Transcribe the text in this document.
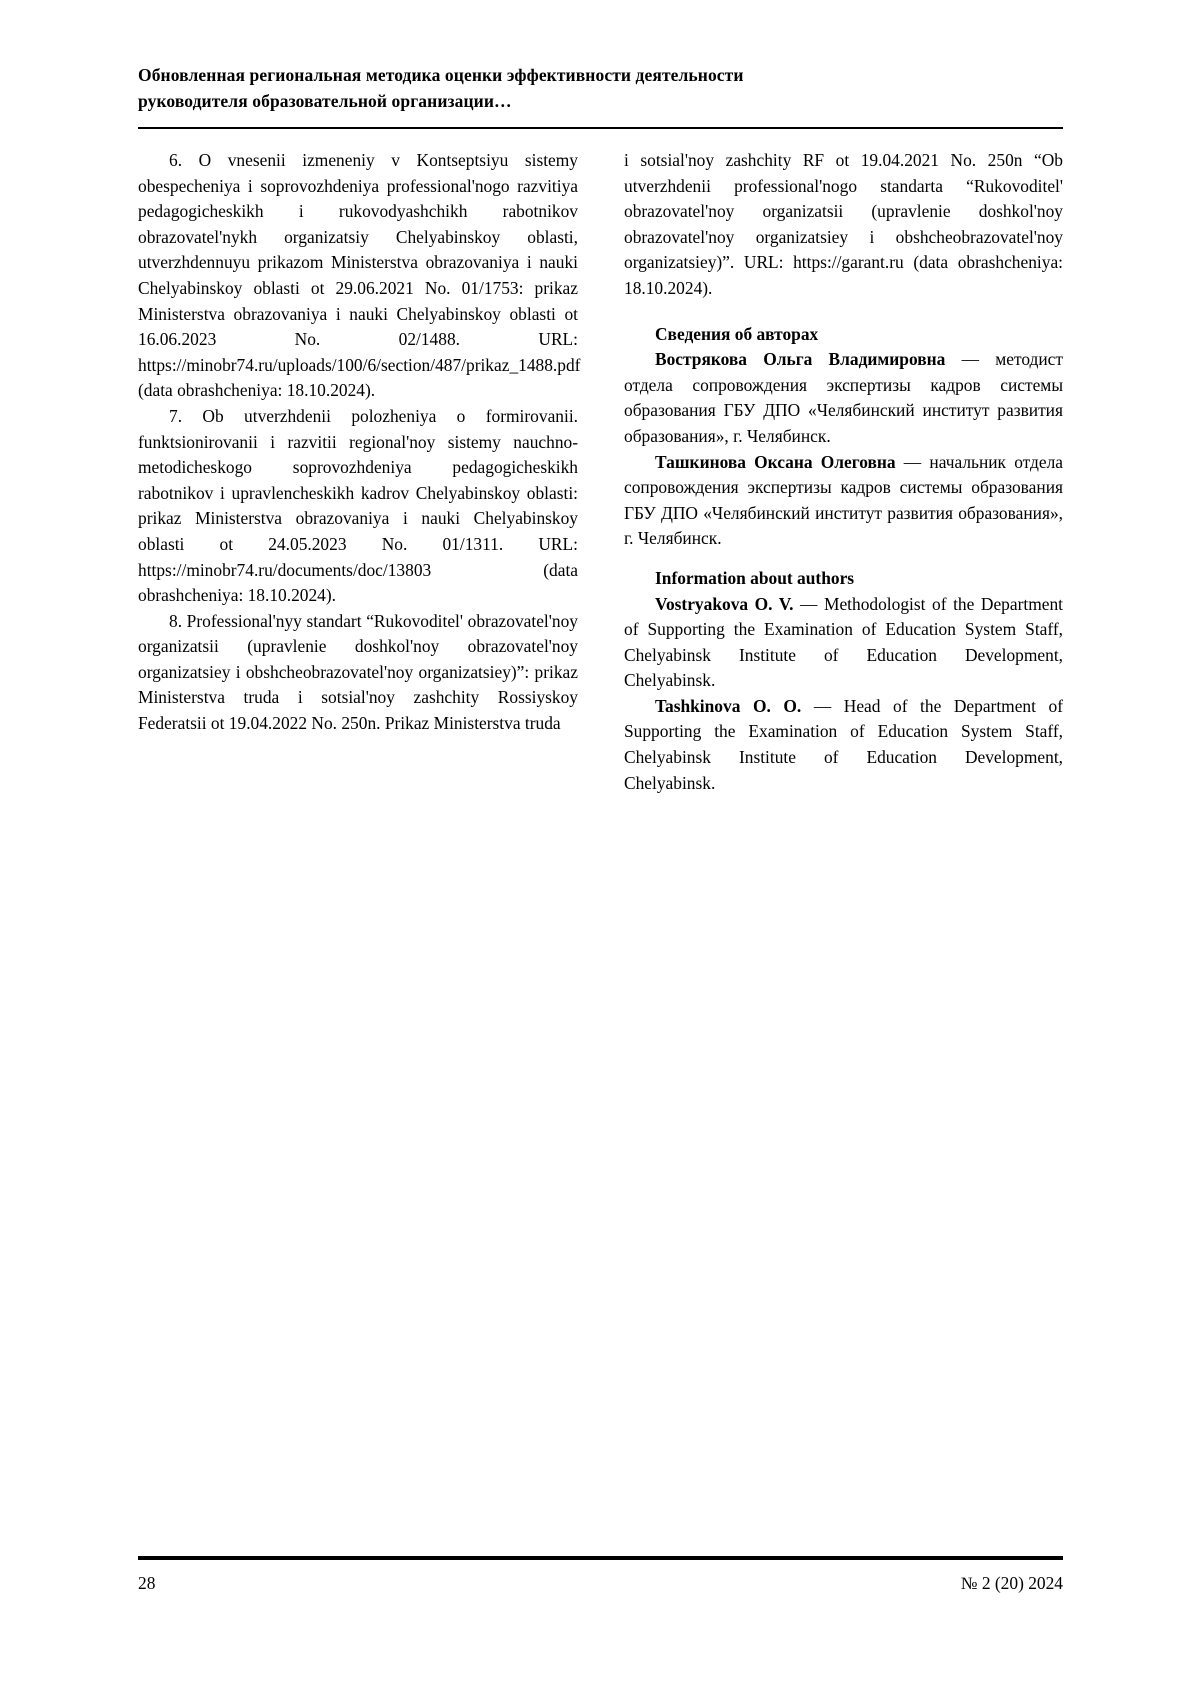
Обновленная региональная методика оценки эффективности деятельности
руководителя образовательной организации…

6. O vnesenii izmeneniy v Kontseptsiyu sistemy obespecheniya i soprovozhdeniya professional'nogo razvitiya pedagogicheskikh i rukovodyashchikh rabotnikov obrazovatel'nykh organizatsiy Chelyabinskoy oblasti, utverzhdennuyu prikazom Ministerstva obrazovaniya i nauki Chelyabinskoy oblasti ot 29.06.2021 No. 01/1753: prikaz Ministerstva obrazovaniya i nauki Chelyabinskoy oblasti ot 16.06.2023 No. 02/1488. URL: https://minobr74.ru/uploads/100/6/section/487/prikaz_1488.pdf (data obrashcheniya: 18.10.2024).

7. Ob utverzhdenii polozheniya o formirovanii. funktsionirovanii i razvitii regional'noy sistemy nauchno-metodicheskogo soprovozhdeniya pedagogicheskikh rabotnikov i upravlencheskikh kadrov Chelyabinskoy oblasti: prikaz Ministerstva obrazovaniya i nauki Chelyabinskoy oblasti ot 24.05.2023 No. 01/1311. URL: https://minobr74.ru/documents/doc/13803 (data obrashcheniya: 18.10.2024).

8. Professional'nyy standart “Rukovoditel' obrazovatel'noy organizatsii (upravlenie doshkol'noy obrazovatel'noy organizatsiey i obshcheobrazovatel'noy organizatsiey)”: prikaz Ministerstva truda i sotsial'noy zashchity Rossiyskoy Federatsii ot 19.04.2022 No. 250n. Prikaz Ministerstva truda

i sotsial'noy zashchity RF ot 19.04.2021 No. 250n “Ob utverzhdenii professional'nogo standarta “Rukovoditel' obrazovatel'noy organizatsii (upravlenie doshkol'noy obrazovatel'noy organizatsiey i obshcheobrazovatel'noy organizatsiey)”. URL: https://garant.ru (data obrashcheniya: 18.10.2024).

Сведения об авторах

Вострякова Ольга Владимировна — методист отдела сопровождения экспертизы кадров системы образования ГБУ ДПО «Челябинский институт развития образования», г. Челябинск.

Ташкинова Оксана Олеговна — начальник отдела сопровождения экспертизы кадров системы образования ГБУ ДПО «Челябинский институт развития образования», г. Челябинск.

Information about authors

Vostryakova O. V. — Methodologist of the Department of Supporting the Examination of Education System Staff, Chelyabinsk Institute of Education Development, Chelyabinsk.

Tashkinova O. O. — Head of the Department of Supporting the Examination of Education System Staff, Chelyabinsk Institute of Education Development, Chelyabinsk.

28	№ 2 (20) 2024
